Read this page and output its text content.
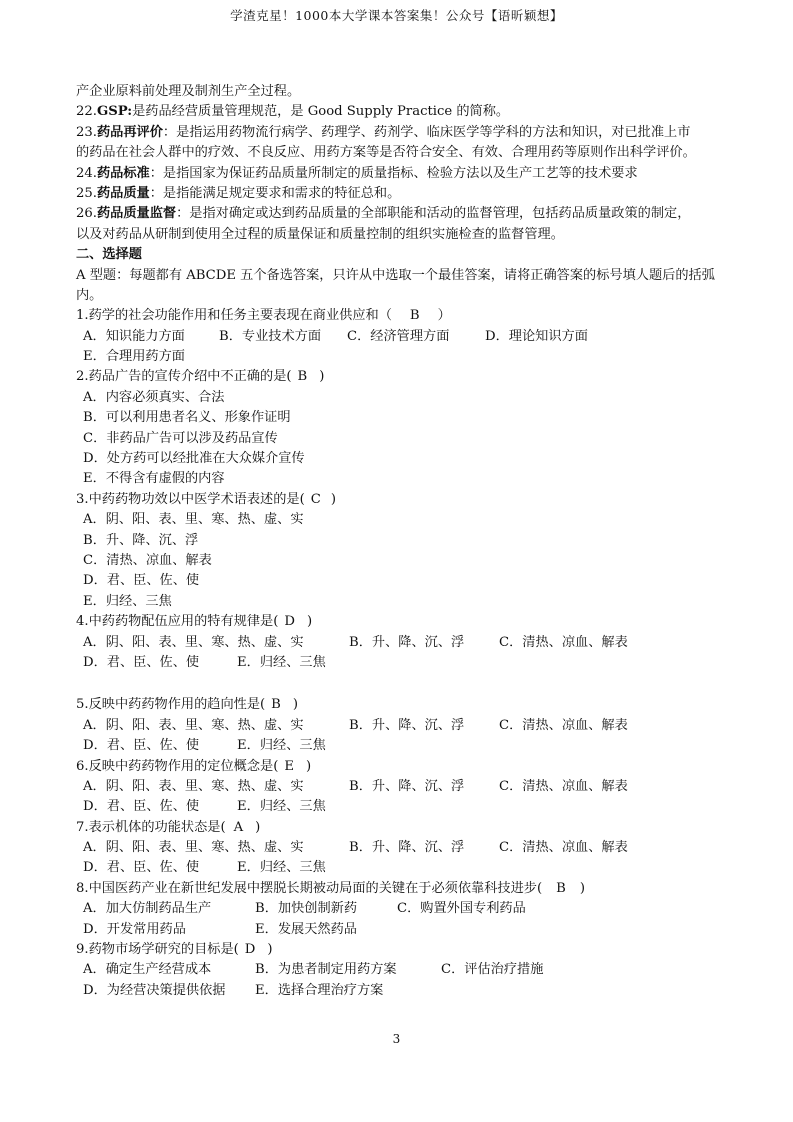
学渣克星！1000本大学课本答案集！公众号【语昕颖想】
产企业原料前处理及制剂生产全过程。
22.GSP:是药品经营质量管理规范，是 Good Supply Practice 的简称。
23.药品再评价：是指运用药物流行病学、药理学、药剂学、临床医学等学科的方法和知识，对已批准上市
的药品在社会人群中的疗效、不良反应、用药方案等是否符合安全、有效、合理用药等原则作出科学评价。
24.药品标准：是指国家为保证药品质量所制定的质量指标、检验方法以及生产工艺等的技术要求
25.药品质量：是指能满足规定要求和需求的特征总和。
26.药品质量监督：是指对确定或达到药品质量的全部职能和活动的监督管理，包括药品质量政策的制定，
以及对药品从研制到使用全过程的质量保证和质量控制的组织实施检查的监督管理。
二、选择题
A 型题：每题都有 ABCDE 五个备选答案，只许从中选取一个最佳答案，请将正确答案的标号填人题后的括弧
内。
1.药学的社会功能作用和任务主要表现在商业供应和（ B ）
A．知识能力方面	B．专业技术方面 C．经济管理方面	D．理论知识方面
E．合理用药方面
2.药品广告的宣传介绍中不正确的是( B )
A．内容必须真实、合法
B．可以利用患者名义、形象作证明
C．非药品广告可以涉及药品宣传
D．处方药可以经批准在大众媒介宣传
E．不得含有虚假的内容
3.中药药物功效以中医学术语表述的是( C )
A．阴、阳、表、里、寒、热、虚、实
B．升、降、沉、浮
C．清热、凉血、解表
D．君、臣、佐、使
E．归经、三焦
4.中药药物配伍应用的特有规律是( D )
A．阴、阳、表、里、寒、热、虚、实	B．升、降、沉、浮	C．清热、凉血、解表
D．君、臣、佐、使	E．归经、三焦
5.反映中药药物作用的趋向性是( B )
A．阴、阳、表、里、寒、热、虚、实	B．升、降、沉、浮	C．清热、凉血、解表
D．君、臣、佐、使	E．归经、三焦
6.反映中药药物作用的定位概念是( E )
A．阴、阳、表、里、寒、热、虚、实	B．升、降、沉、浮	C．清热、凉血、解表
D．君、臣、佐、使	E．归经、三焦
7.表示机体的功能状态是( A )
A．阴、阳、表、里、寒、热、虚、实	B．升、降、沉、浮	C．清热、凉血、解表
D．君、臣、佐、使	E．归经、三焦
8.中国医药产业在新世纪发展中摆脱长期被动局面的关键在于必须依靠科技进步( B )
A．加大仿制药品生产	B．加快创制新药	C．购置外国专利药品
D．开发常用药品	E．发展天然药品
9.药物市场学研究的目标是( D )
A．确定生产经营成本	B．为患者制定用药方案	C．评估治疗措施
D．为经营决策提供依据 E．选择合理治疗方案
3
